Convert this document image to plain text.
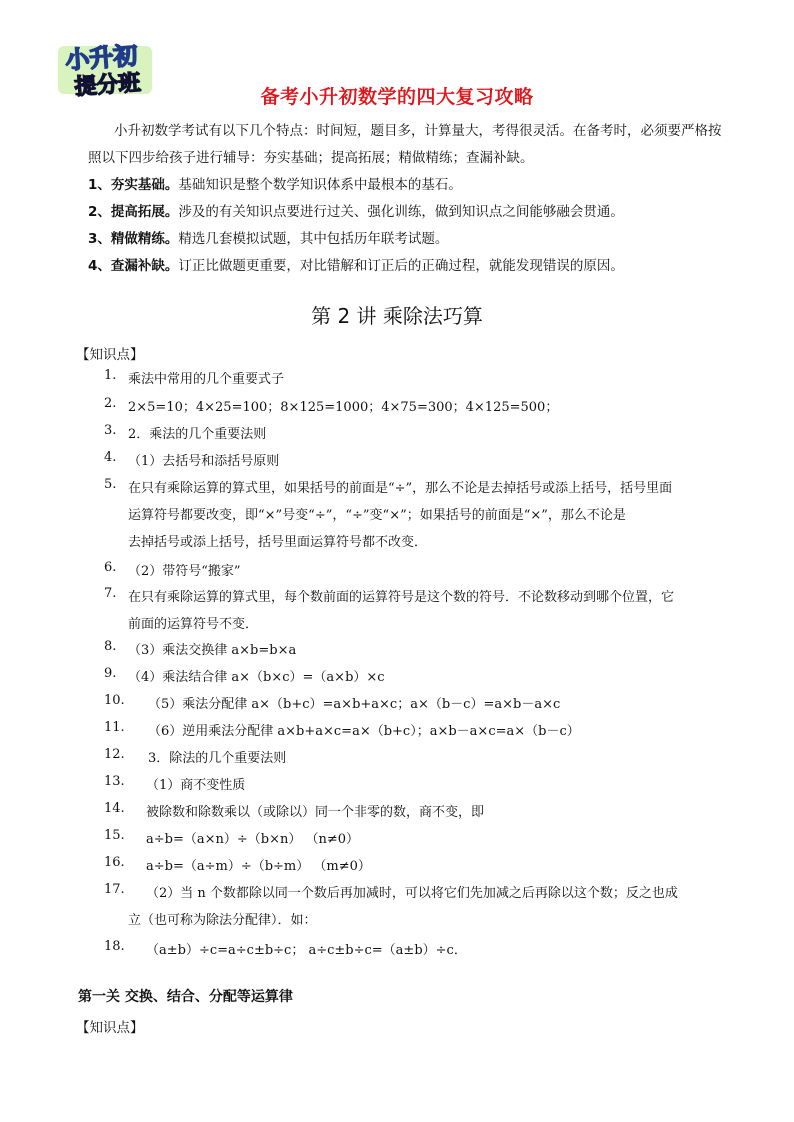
小升初
提分班	备考小升初数学的四大复习攻略
小升初数学考试有以下几个特点：时间短，题目多，计算量大，考得很灵活。在备考时，必须要严格按照以下四步给孩子进行辅导：夯实基础；提高拓展；精做精练；查漏补缺。
1、夯实基础。基础知识是整个数学知识体系中最根本的基石。
2、提高拓展。涉及的有关知识点要进行过关、强化训练，做到知识点之间能够融会贯通。
3、精做精练。精选几套模拟试题，其中包括历年联考试题。
4、查漏补缺。订正比做题更重要，对比错解和订正后的正确过程，就能发现错误的原因。
第 2 讲 乘除法巧算
【知识点】
1. 乘法中常用的几个重要式子
2. 2×5=10；4×25=100；8×125=1000；4×75=300；4×125=500；
3. 2．乘法的几个重要法则
4. （1）去括号和添括号原则
5. 在只有乘除运算的算式里，如果括号的前面是“÷”，那么不论是去掉括号或添上括号，括号里面
运算符号都要改变，即“×”号变“÷”，“÷”变“×”；如果括号的前面是“×”，那么不论是
去掉括号或添上括号，括号里面运算符号都不改变．
6. （2）带符号“搬家”
7. 在只有乘除运算的算式里，每个数前面的运算符号是这个数的符号．不论数移动到哪个位置，它
前面的运算符号不变．
8. （3）乘法交换律 a×b=b×a
9. （4）乘法结合律 a×（b×c）=（a×b）×c
10.	（5）乘法分配律 a×（b+c）=a×b+a×c；a×（b－c）=a×b－a×c
11.	（6）逆用乘法分配律 a×b+a×c=a×（b+c）；a×b－a×c=a×（b－c）
12.	3．除法的几个重要法则
13.	（1）商不变性质
14.	被除数和除数乘以（或除以）同一个非零的数，商不变，即
15.	a÷b=（a×n）÷（b×n） （n≠0）
16.	a÷b=（a÷m）÷（b÷m） （m≠0）
17.	（2）当 n 个数都除以同一个数后再加减时，可以将它们先加减之后再除以这个数；反之也成
立（也可称为除法分配律）．如：
18.	（a±b）÷c=a÷c±b÷c； a÷c±b÷c=（a±b）÷c．
第一关 交换、结合、分配等运算律
【知识点】
